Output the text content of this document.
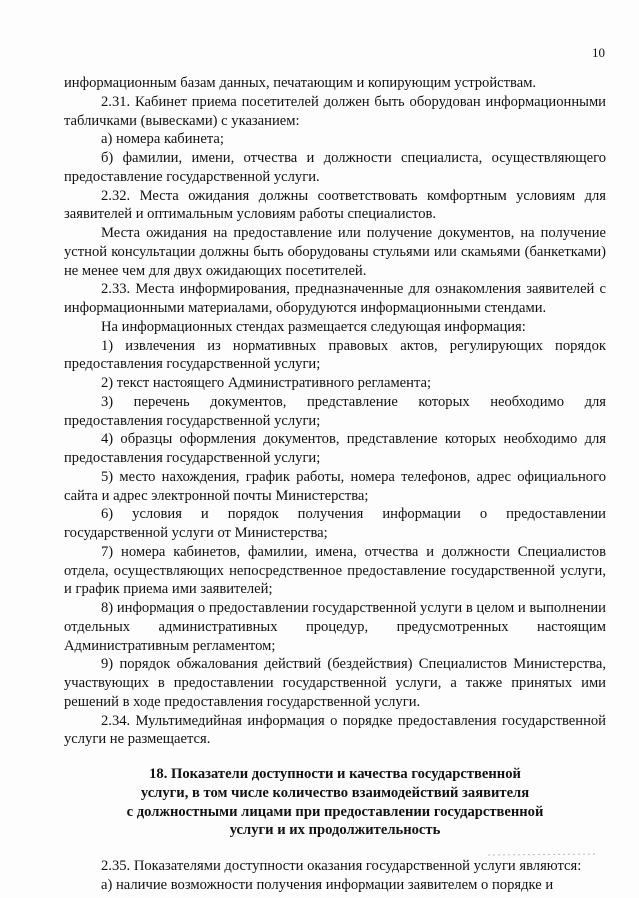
10

информационным базам данных, печатающим и копирующим устройствам.

2.31. Кабинет приема посетителей должен быть оборудован информационными табличками (вывесками) с указанием:

а) номера кабинета;

б) фамилии, имени, отчества и должности специалиста, осуществляющего предоставление государственной услуги.

2.32. Места ожидания должны соответствовать комфортным условиям для заявителей и оптимальным условиям работы специалистов.

Места ожидания на предоставление или получение документов, на получение устной консультации должны быть оборудованы стульями или скамьями (банкетками) не менее чем для двух ожидающих посетителей.

2.33. Места информирования, предназначенные для ознакомления заявителей с информационными материалами, оборудуются информационными стендами.

На информационных стендах размещается следующая информация:

1) извлечения из нормативных правовых актов, регулирующих порядок предоставления государственной услуги;

2) текст настоящего Административного регламента;

3) перечень документов, представление которых необходимо для предоставления государственной услуги;

4) образцы оформления документов, представление которых необходимо для предоставления государственной услуги;

5) место нахождения, график работы, номера телефонов, адрес официального сайта и адрес электронной почты Министерства;

6) условия и порядок получения информации о предоставлении государственной услуги от Министерства;

7) номера кабинетов, фамилии, имена, отчества и должности Специалистов отдела, осуществляющих непосредственное предоставление государственной услуги, и график приема ими заявителей;

8) информация о предоставлении государственной услуги в целом и выполнении отдельных административных процедур, предусмотренных настоящим Административным регламентом;

9) порядок обжалования действий (бездействия) Специалистов Министерства, участвующих в предоставлении государственной услуги, а также принятых ими решений в ходе предоставления государственной услуги.

2.34. Мультимедийная информация о порядке предоставления государственной услуги не размещается.

18. Показатели доступности и качества государственной
услуги, в том числе количество взаимодействий заявителя
с должностными лицами при предоставлении государственной
услуги и их продолжительность

2.35. Показателями доступности оказания государственной услуги являются:

а) наличие возможности получения информации заявителем о порядке и
